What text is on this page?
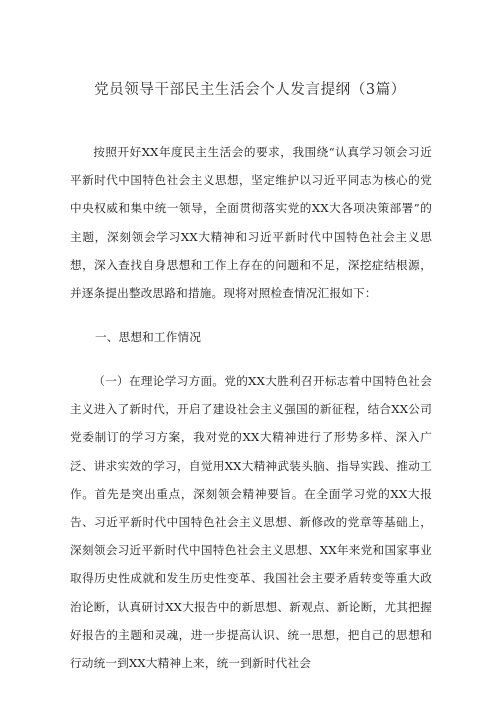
党员领导干部民主生活会个人发言提纲（3篇）

按照开好XX年度民主生活会的要求，我围绕“认真学习领会习近平新时代中国特色社会主义思想，坚定维护以习近平同志为核心的党中央权威和集中统一领导，全面贯彻落实党的XX大各项决策部署”的主题，深刻领会学习XX大精神和习近平新时代中国特色社会主义思想，深入查找自身思想和工作上存在的问题和不足，深挖症结根源，并逐条提出整改思路和措施。现将对照检查情况汇报如下：

一、思想和工作情况

（一）在理论学习方面。党的XX大胜利召开标志着中国特色社会主义进入了新时代，开启了建设社会主义强国的新征程，结合XX公司党委制订的学习方案，我对党的XX大精神进行了形势多样、深入广泛、讲求实效的学习，自觉用XX大精神武装头脑、指导实践、推动工作。首先是突出重点，深刻领会精神要旨。在全面学习党的XX大报告、习近平新时代中国特色社会主义思想、新修改的党章等基础上，深刻领会习近平新时代中国特色社会主义思想、XX年来党和国家事业取得历史性成就和发生历史性变革、我国社会主要矛盾转变等重大政治论断，认真研讨XX大报告中的新思想、新观点、新论断，尤其把握好报告的主题和灵魂，进一步提高认识、统一思想，把自己的思想和行动统一到XX大精神上来，统一到新时代社会
